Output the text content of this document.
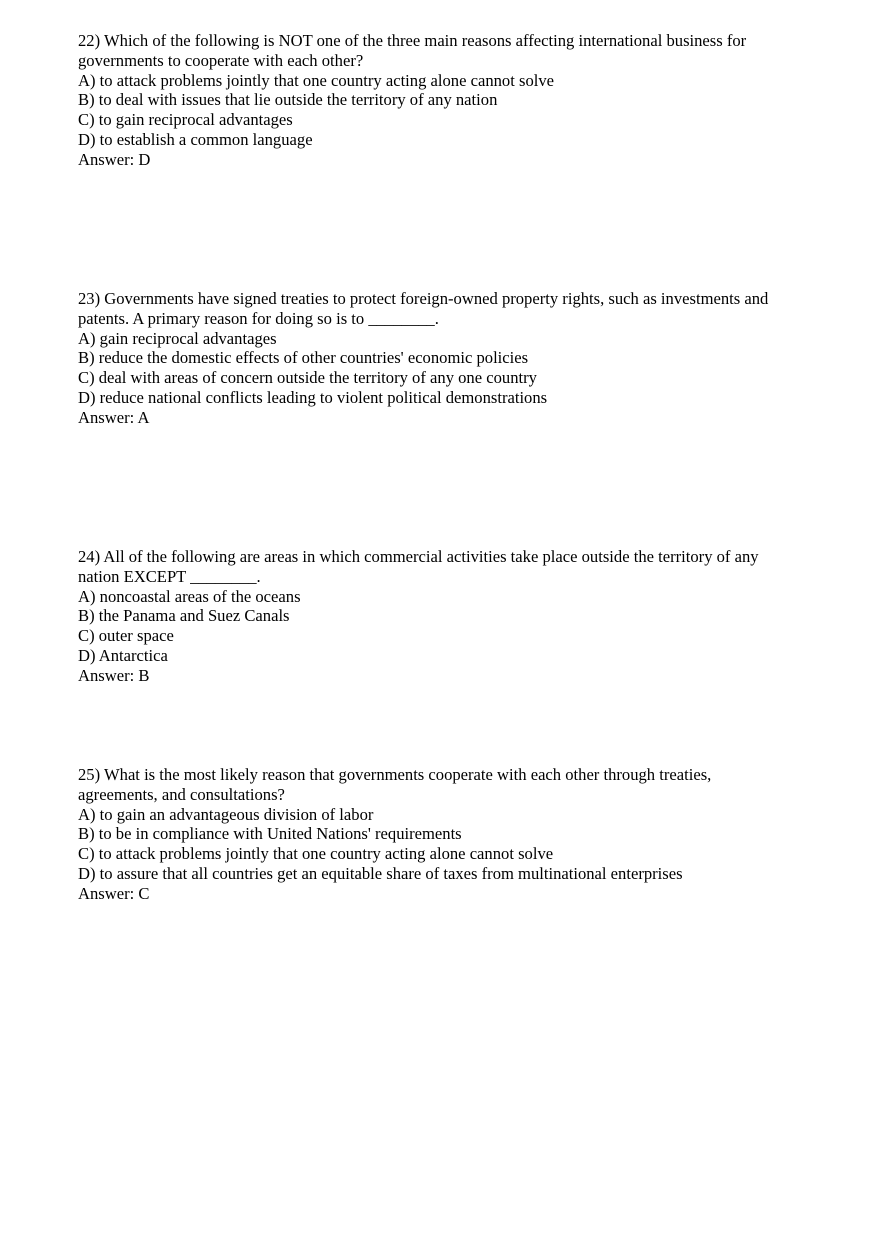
22) Which of the following is NOT one of the three main reasons affecting international business for
governments to cooperate with each other?
A) to attack problems jointly that one country acting alone cannot solve
B) to deal with issues that lie outside the territory of any nation
C) to gain reciprocal advantages
D) to establish a common language
Answer: D
23) Governments have signed treaties to protect foreign-owned property rights, such as investments and
patents. A primary reason for doing so is to ________.
A) gain reciprocal advantages
B) reduce the domestic effects of other countries' economic policies
C) deal with areas of concern outside the territory of any one country
D) reduce national conflicts leading to violent political demonstrations
Answer: A
24) All of the following are areas in which commercial activities take place outside the territory of any
nation EXCEPT ________.
A) noncoastal areas of the oceans
B) the Panama and Suez Canals
C) outer space
D) Antarctica
Answer: B
25) What is the most likely reason that governments cooperate with each other through treaties,
agreements, and consultations?
A) to gain an advantageous division of labor
B) to be in compliance with United Nations' requirements
C) to attack problems jointly that one country acting alone cannot solve
D) to assure that all countries get an equitable share of taxes from multinational enterprises
Answer: C
